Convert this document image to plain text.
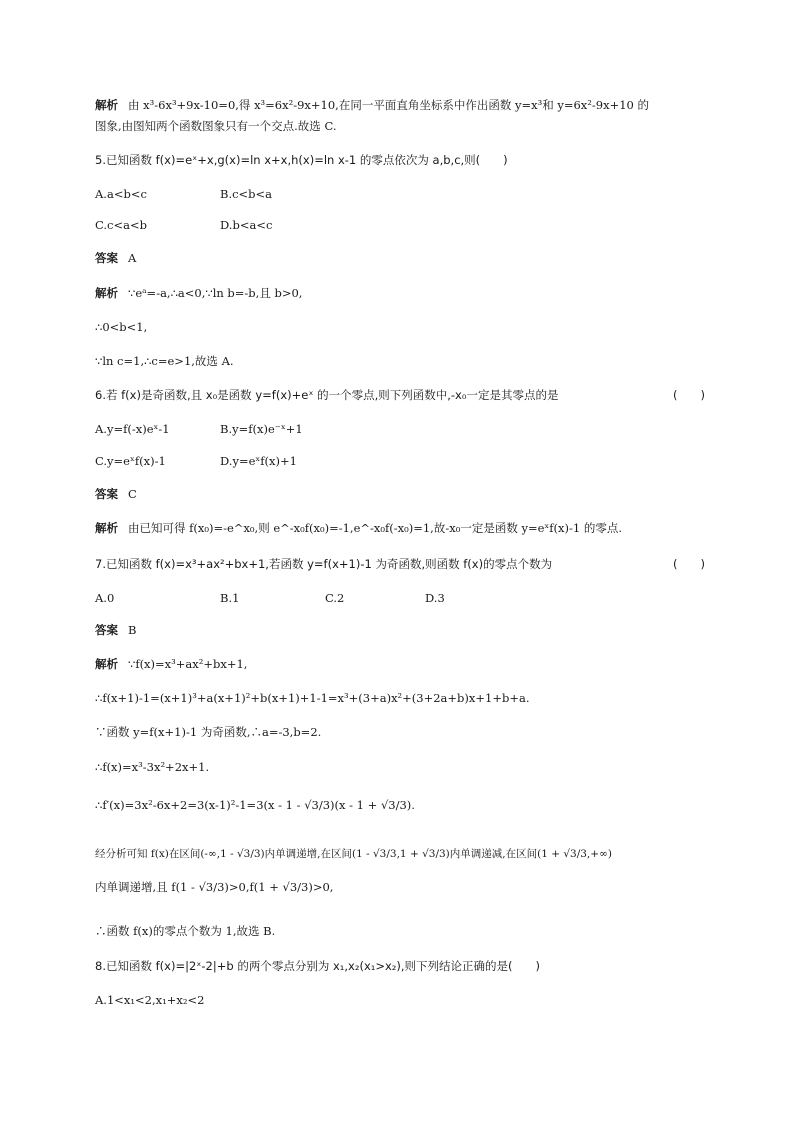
解析 由 x³-6x³+9x-10=0,得 x³=6x²-9x+10,在同一平面直角坐标系中作出函数 y=x³和 y=6x²-9x+10 的
图象,由图知两个函数图象只有一个交点.故选 C.
5.已知函数 f(x)=eˣ+x,g(x)=ln x+x,h(x)=ln x-1 的零点依次为 a,b,c,则(　　)
A.a<b<c	B.c<b<a
C.c<a<b	D.b<a<c
答案 A
解析 ∵eᵃ=-a,∴a<0,∵ln b=-b,且 b>0,
∴0<b<1,
∵ln c=1,∴c=e>1,故选 A.
6.若 f(x)是奇函数,且 x₀是函数 y=f(x)+eˣ 的一个零点,则下列函数中,-x₀一定是其零点的是	(　　)
A.y=f(-x)eˣ-1	B.y=f(x)e⁻ˣ+1
C.y=eˣf(x)-1	D.y=eˣf(x)+1
答案 C
解析 由已知可得 f(x₀)=-e^x₀,则 e^-x₀f(x₀)=-1,e^-x₀f(-x₀)=1,故-x₀一定是函数 y=eˣf(x)-1 的零点.
7.已知函数 f(x)=x³+ax²+bx+1,若函数 y=f(x+1)-1 为奇函数,则函数 f(x)的零点个数为	(　　)
A.0	B.1	C.2	D.3
答案 B
解析 ∵f(x)=x³+ax²+bx+1,
∴f(x+1)-1=(x+1)³+a(x+1)²+b(x+1)+1-1=x³+(3+a)x²+(3+2a+b)x+1+b+a.
∵函数 y=f(x+1)-1 为奇函数,∴a=-3,b=2.
∴f(x)=x³-3x²+2x+1.
∴f′(x)=3x²-6x+2=3(x-1)²-1=3(x - 1 - √3/3)(x - 1 + √3/3).
经分析可知 f(x)在区间(-∞,1 - √3/3)内单调递增,在区间(1 - √3/3,1 + √3/3)内单调递减,在区间(1 + √3/3,+∞)
内单调递增,且 f(1 - √3/3)>0,f(1 + √3/3)>0,
∴函数 f(x)的零点个数为 1,故选 B.
8.已知函数 f(x)=|2ˣ-2|+b 的两个零点分别为 x₁,x₂(x₁>x₂),则下列结论正确的是(　　)
A.1<x₁<2,x₁+x₂<2
